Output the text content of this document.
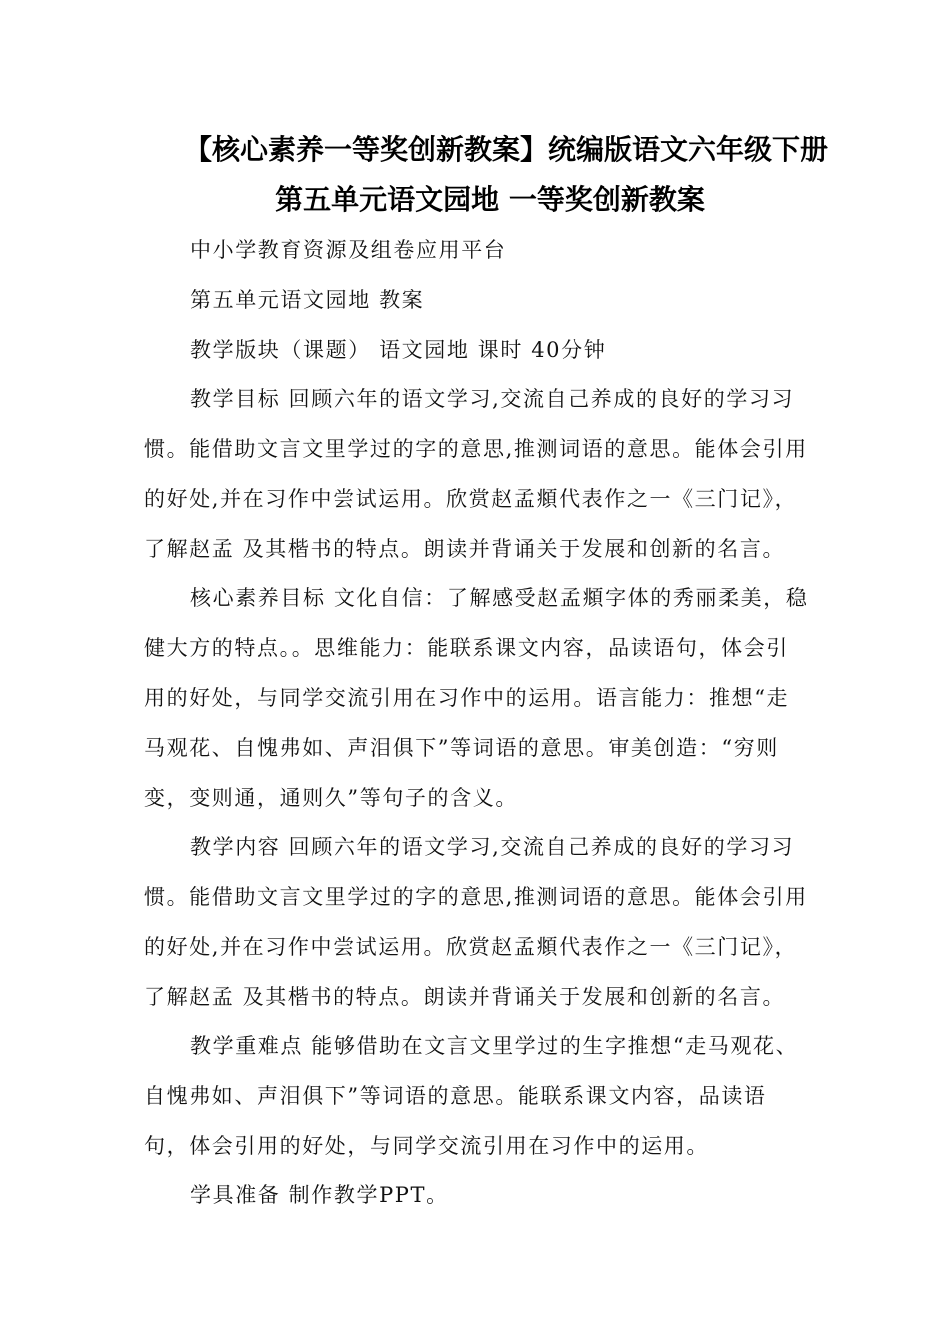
【核心素养一等奖创新教案】统编版语文六年级下册
第五单元语文园地 一等奖创新教案
中小学教育资源及组卷应用平台
第五单元语文园地 教案
教学版块（课题） 语文园地 课时 40分钟
教学目标 回顾六年的语文学习,交流自己养成的良好的学习习
惯。能借助文言文里学过的字的意思,推测词语的意思。能体会引用
的好处,并在习作中尝试运用。欣赏赵孟頫代表作之一《三门记》，
了解赵孟 及其楷书的特点。朗读并背诵关于发展和创新的名言。
核心素养目标 文化自信：了解感受赵孟頫字体的秀丽柔美，稳
健大方的特点。。思维能力：能联系课文内容，品读语句，体会引
用的好处，与同学交流引用在习作中的运用。语言能力：推想“走
马观花、自愧弗如、声泪俱下”等词语的意思。审美创造：“穷则
变，变则通，通则久”等句子的含义。
教学内容 回顾六年的语文学习,交流自己养成的良好的学习习
惯。能借助文言文里学过的字的意思,推测词语的意思。能体会引用
的好处,并在习作中尝试运用。欣赏赵孟頫代表作之一《三门记》，
了解赵孟 及其楷书的特点。朗读并背诵关于发展和创新的名言。
教学重难点 能够借助在文言文里学过的生字推想“走马观花、
自愧弗如、声泪俱下”等词语的意思。能联系课文内容，品读语
句，体会引用的好处，与同学交流引用在习作中的运用。
学具准备 制作教学PPT。
